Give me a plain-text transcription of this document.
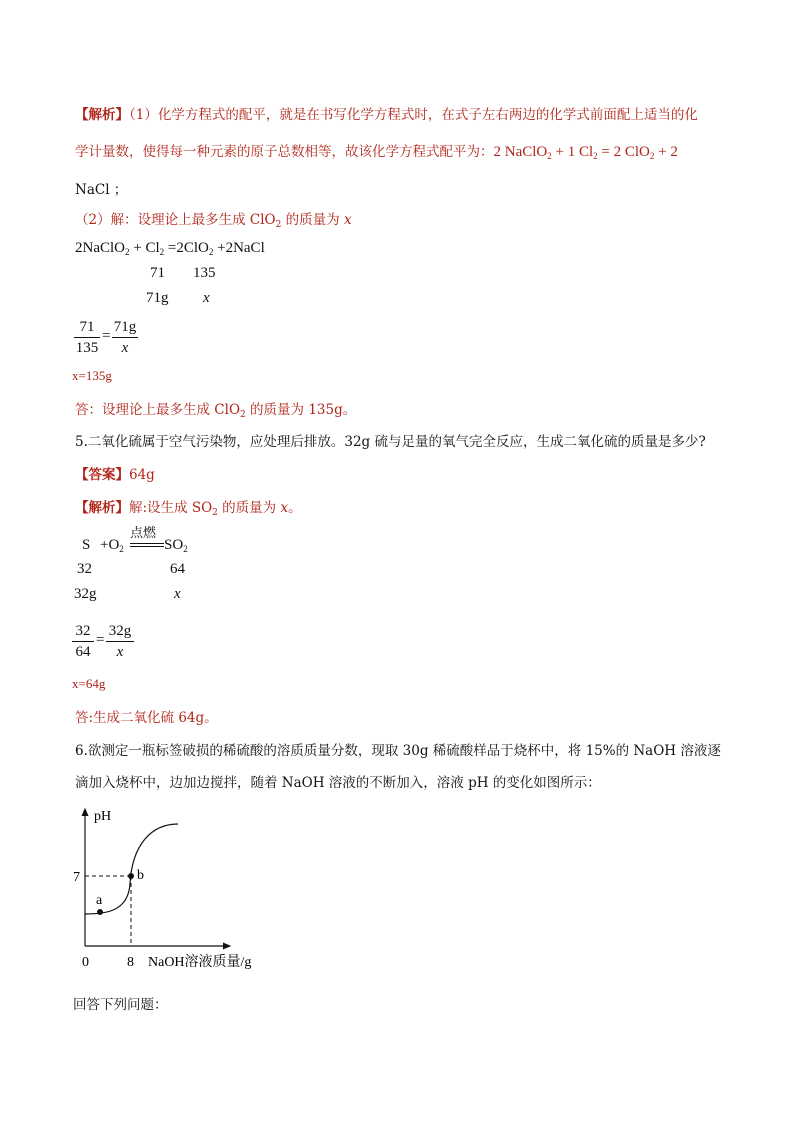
【解析】（1）化学方程式的配平，就是在书写化学方程式时，在式子左右两边的化学式前面配上适当的化
学计量数，使得每一种元素的原子总数相等，故该化学方程式配平为：2 NaClO$_2$ + 1 $Cl_2 = 2$ ClO$_2$ + 2
NaCl ；
（2）解：设理论上最多生成 ClO$_2$ 的质量为 x
2NaClO$_2$ + $Cl_2 =2ClO_2$ +2NaCl
71 135
71g x
71
135
=
71g
x
x=135g
答：设理论上最多生成 ClO$_2$ 的质量为 135g。
5.二氧化硫属于空气污染物，应处理后排放。32g 硫与足量的氧气完全反应，生成二氧化硫的质量是多少?
【答案】64g
【解析】解:设生成 $SO_2$ 的质量为 x。
点燃
$S +O_2$	$SO_2$
32	64
32g	x
32
64
=
32g
x
x=64g
答:生成二氧化硫 64g。
6.欲测定一瓶标签破损的稀硫酸的溶质质量分数，现取 30g 稀硫酸样品于烧杯中，将 15%的 NaOH 溶液逐
滴加入烧杯中，边加边搅拌，随着 NaOH 溶液的不断加入，溶液 pH 的变化如图所示：
pH
NaOH溶液质量/g
0	8
7
a
b
回答下列问题：
